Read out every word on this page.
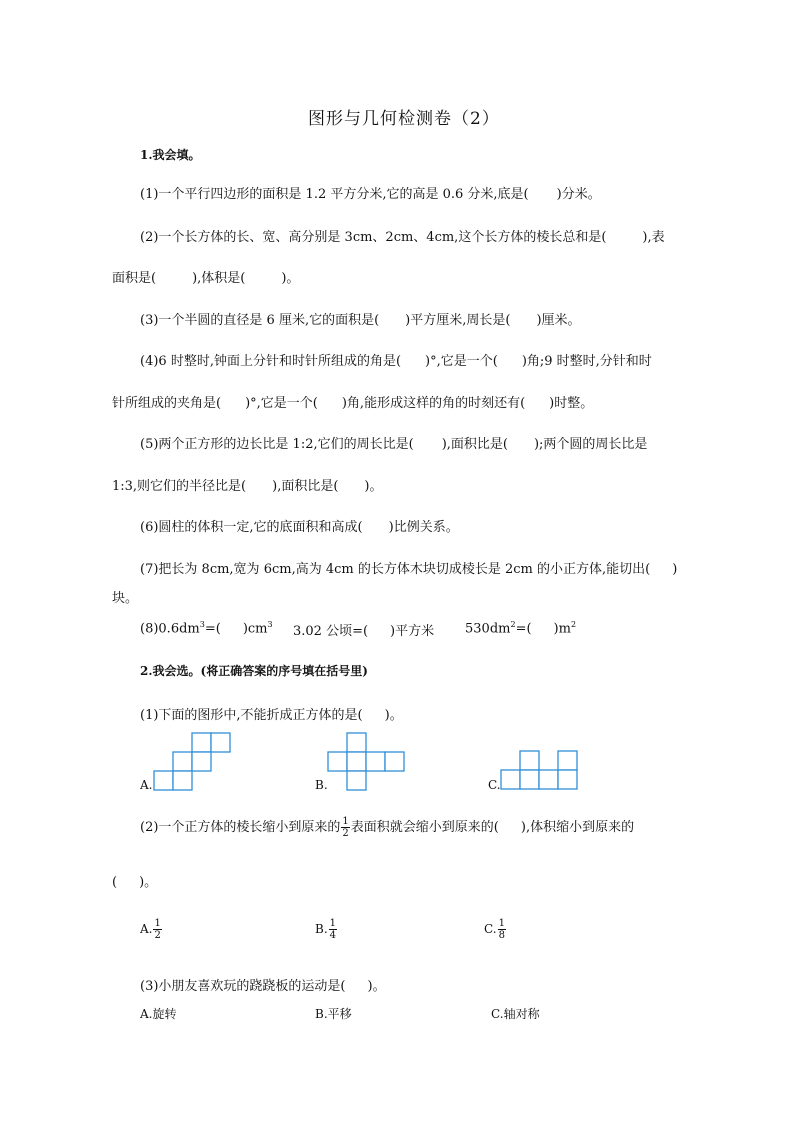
图形与几何检测卷（2）
1.我会填。
(1)一个平行四边形的面积是 1.2 平方分米,它的高是 0.6 分米,底是( )分米。
(2)一个长方体的长、宽、高分别是 3cm、2cm、4cm,这个长方体的棱长总和是(	),表
面积是(	),体积是(	)。
(3)一个半圆的直径是 6 厘米,它的面积是( )平方厘米,周长是( )厘米。
(4)6 时整时,钟面上分针和时针所组成的角是( )°,它是一个( )角;9 时整时,分针和时
针所组成的夹角是( )°,它是一个( )角,能形成这样的角的时刻还有( )时整。
(5)两个正方形的边长比是 1:2,它们的周长比是( ),面积比是( );两个圆的周长比是
1:3,则它们的半径比是( ),面积比是( )。
(6)圆柱的体积一定,它的底面积和高成( )比例关系。
(7)把长为 8cm,宽为 6cm,高为 4cm 的长方体木块切成棱长是 2cm 的小正方体,能切出( )
块。
$(8)0.6dm^3=$( )$cm^3$ 3.02 公顷=( )平方米 $530dm^2=$( )$m^2$
2.我会选。(将正确答案的序号填在括号里)
(1)下面的图形中,不能折成正方体的是( )。
A.	B.	C.
(2)一个正方体的棱长缩小到原来的 $\frac{1}{2}$ 表面积就会缩小到原来的( ),体积缩小到原来的
( )。
A. $\frac{1}{2}$	B. $\frac{1}{4}$	C. $\frac{1}{8}$
(3)小朋友喜欢玩的跷跷板的运动是( )。
A.旋转	B.平移	C.轴对称
